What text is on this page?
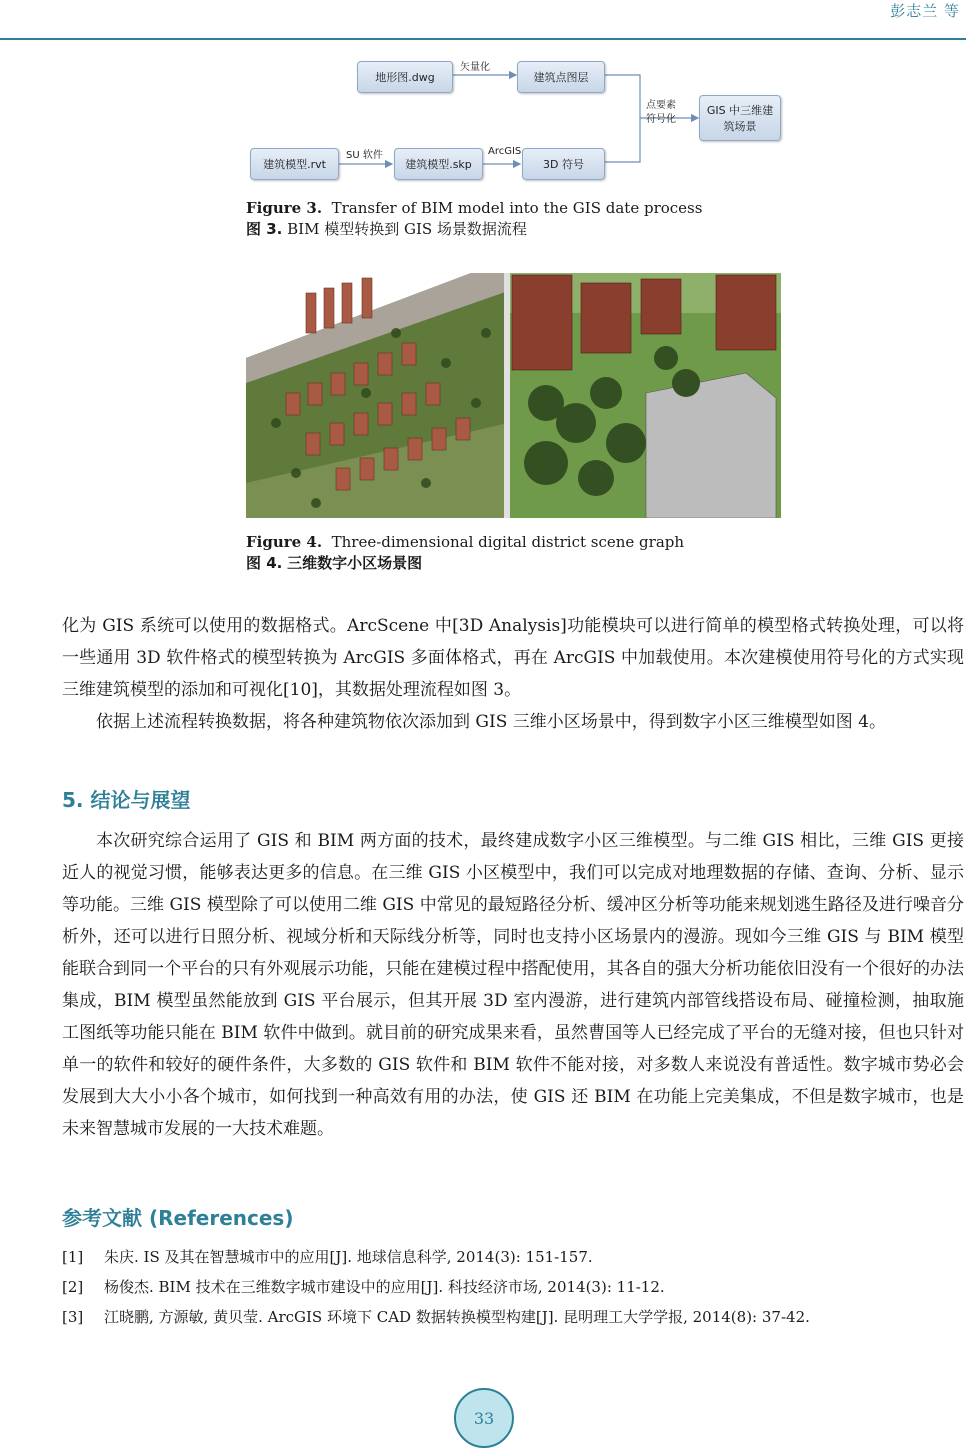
彭志兰 等
地形图.dwg	建筑点图层
GIS 中三维建筑场景
建筑模型.rvt	建筑模型.skp	3D 符号
矢量化
点要素
符号化
SU 软件	ArcGIS
Figure 3. Transfer of BIM model into the GIS date process
图 3. BIM 模型转换到 GIS 场景数据流程
Figure 4. Three-dimensional digital district scene graph
图 4. 三维数字小区场景图

化为 GIS 系统可以使用的数据格式。ArcScene 中[3D Analysis]功能模块可以进行简单的模型格式转换处理，可以将一些通用 3D 软件格式的模型转换为 ArcGIS 多面体格式，再在 ArcGIS 中加载使用。本次建模使用符号化的方式实现三维建筑模型的添加和可视化[10]，其数据处理流程如图 3。

依据上述流程转换数据，将各种建筑物依次添加到 GIS 三维小区场景中，得到数字小区三维模型如图 4。

5. 结论与展望

本次研究综合运用了 GIS 和 BIM 两方面的技术，最终建成数字小区三维模型。与二维 GIS 相比，三维 GIS 更接近人的视觉习惯，能够表达更多的信息。在三维 GIS 小区模型中，我们可以完成对地理数据的存储、查询、分析、显示等功能。三维 GIS 模型除了可以使用二维 GIS 中常见的最短路径分析、缓冲区分析等功能来规划逃生路径及进行噪音分析外，还可以进行日照分析、视域分析和天际线分析等，同时也支持小区场景内的漫游。现如今三维 GIS 与 BIM 模型能联合到同一个平台的只有外观展示功能，只能在建模过程中搭配使用，其各自的强大分析功能依旧没有一个很好的办法集成，BIM 模型虽然能放到 GIS 平台展示，但其开展 3D 室内漫游，进行建筑内部管线搭设布局、碰撞检测，抽取施工图纸等功能只能在 BIM 软件中做到。就目前的研究成果来看，虽然曹国等人已经完成了平台的无缝对接，但也只针对单一的软件和较好的硬件条件，大多数的 GIS 软件和 BIM 软件不能对接，对多数人来说没有普适性。数字城市势必会发展到大大小小各个城市，如何找到一种高效有用的办法，使 GIS 还 BIM 在功能上完美集成，不但是数字城市，也是未来智慧城市发展的一大技术难题。

参考文献 (References)
[1] 朱庆. IS 及其在智慧城市中的应用[J]. 地球信息科学, 2014(3): 151-157.
[2] 杨俊杰. BIM 技术在三维数字城市建设中的应用[J]. 科技经济市场, 2014(3): 11-12.
[3] 江晓鹏, 方源敏, 黄贝莹. ArcGIS 环境下 CAD 数据转换模型构建[J]. 昆明理工大学学报, 2014(8): 37-42.
33
